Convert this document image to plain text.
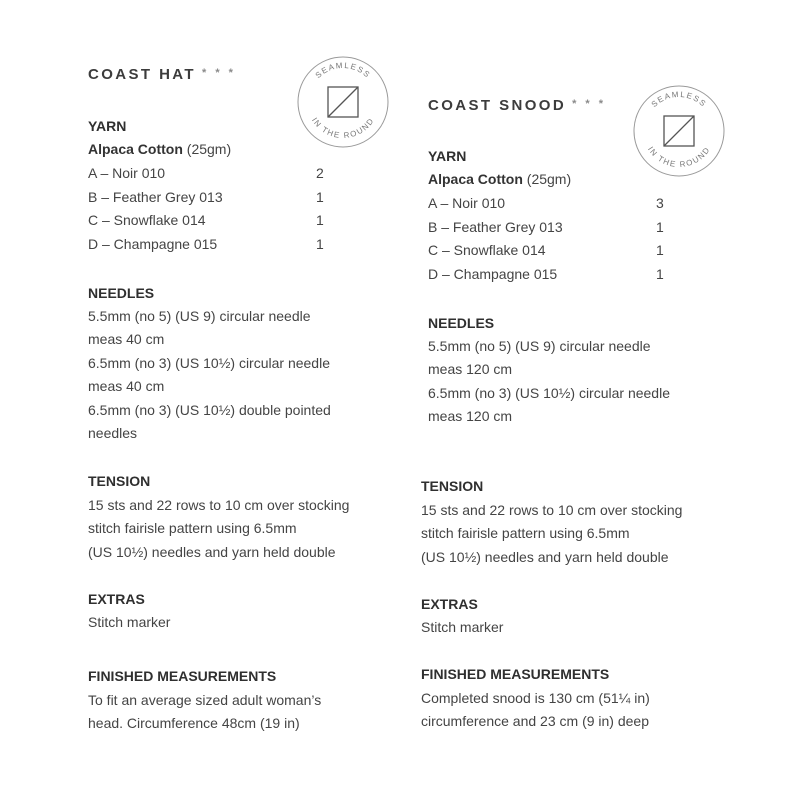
COAST HAT * * *	SEAMLESS
IN THE ROUND
YARN
Alpaca Cotton (25gm)
A – Noir 010	2
B – Feather Grey 013	1
C – Snowflake 014	1
D – Champagne 015	1
NEEDLES
5.5mm (no 5) (US 9) circular needle
meas 40 cm
6.5mm (no 3) (US 10½) circular needle
meas 40 cm
6.5mm (no 3) (US 10½) double pointed
needles
TENSION
15 sts and 22 rows to 10 cm over stocking
stitch fairisle pattern using 6.5mm
(US 10½) needles and yarn held double
EXTRAS
Stitch marker
FINISHED MEASUREMENTS
To fit an average sized adult woman’s
head. Circumference 48cm (19 in)
COAST SNOOD * * *	SEAMLESS
IN THE ROUND
YARN
Alpaca Cotton (25gm)
A – Noir 010	3
B – Feather Grey 013	1
C – Snowflake 014	1
D – Champagne 015	1
NEEDLES
5.5mm (no 5) (US 9) circular needle
meas 120 cm
6.5mm (no 3) (US 10½) circular needle
meas 120 cm
TENSION
15 sts and 22 rows to 10 cm over stocking
stitch fairisle pattern using 6.5mm
(US 10½) needles and yarn held double
EXTRAS
Stitch marker
FINISHED MEASUREMENTS
Completed snood is 130 cm (51¼ in)
circumference and 23 cm (9 in) deep
